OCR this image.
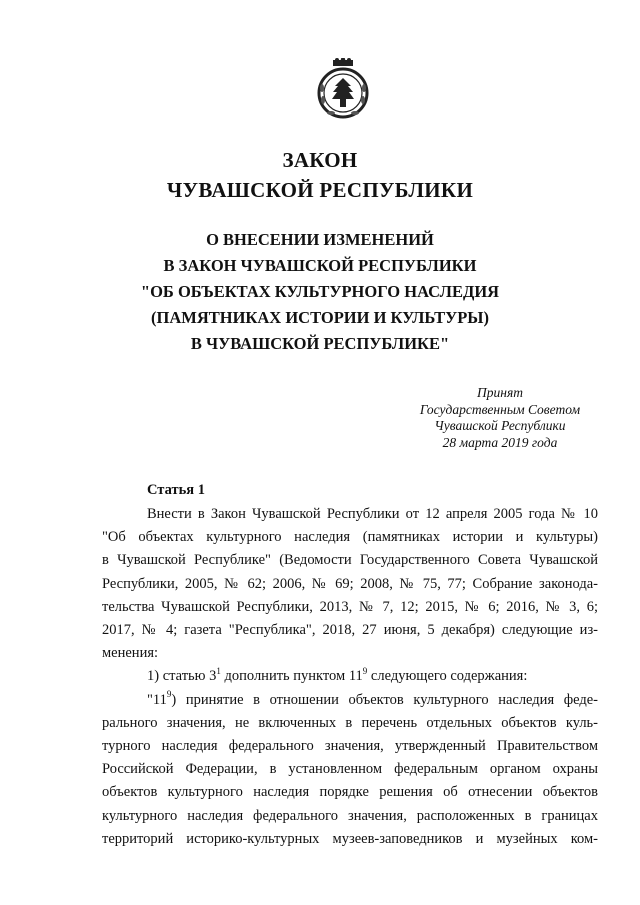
ЗАКОН
ЧУВАШСКОЙ РЕСПУБЛИКИ
О ВНЕСЕНИИ ИЗМЕНЕНИЙ
В ЗАКОН ЧУВАШСКОЙ РЕСПУБЛИКИ
"ОБ ОБЪЕКТАХ КУЛЬТУРНОГО НАСЛЕДИЯ
(ПАМЯТНИКАХ ИСТОРИИ И КУЛЬТУРЫ)
В ЧУВАШСКОЙ РЕСПУБЛИКЕ"
Принят
Государственным Советом
Чувашской Республики
28 марта 2019 года
Статья 1
Внести в Закон Чувашской Республики от 12 апреля 2005 года № 10
"Об объектах культурного наследия (памятниках истории и культуры)
в Чувашской Республике" (Ведомости Государственного Совета Чувашской
Республики, 2005, № 62; 2006, № 69; 2008, № 75, 77; Собрание законода-
тельства Чувашской Республики, 2013, № 7, 12; 2015, № 6; 2016, № 3, 6;
2017, № 4; газета "Республика", 2018, 27 июня, 5 декабря) следующие из-
менения:
1) статью $3^1$ дополнить пунктом $11^9$ следующего содержания:
"$11^9$) принятие в отношении объектов культурного наследия феде-
рального значения, не включенных в перечень отдельных объектов куль-
турного наследия федерального значения, утвержденный Правительством
Российской Федерации, в установленном федеральным органом охраны
объектов культурного наследия порядке решения об отнесении объектов
культурного наследия федерального значения, расположенных в границах
территорий историко-культурных музеев-заповедников и музейных ком-
